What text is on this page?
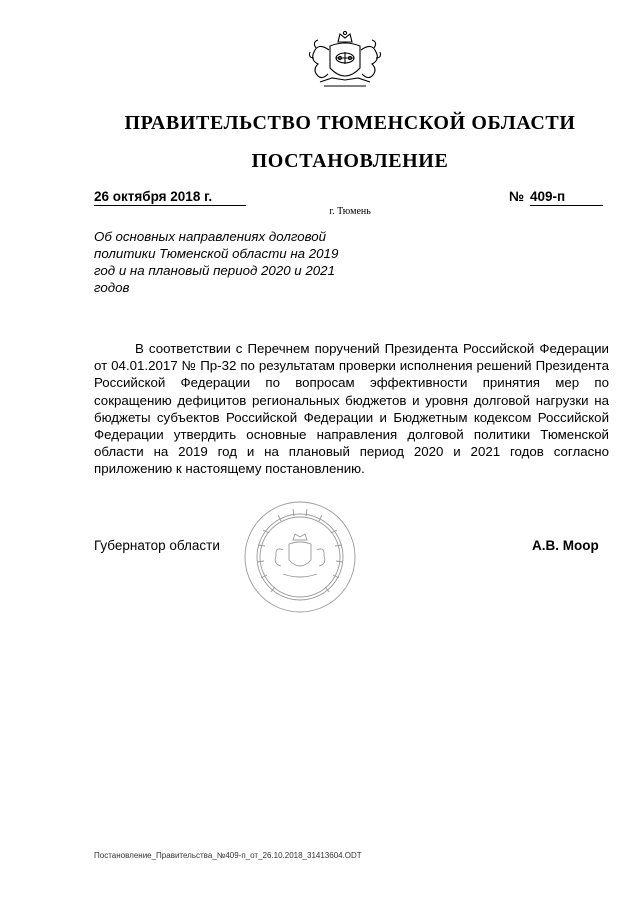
ПРАВИТЕЛЬСТВО ТЮМЕНСКОЙ ОБЛАСТИ
ПОСТАНОВЛЕНИЕ
26 октября 2018 г.	№ 409-п
г. Тюмень
Об основных направлениях долговой политики Тюменской области на 2019 год и на плановый период 2020 и 2021 годов
В соответствии с Перечнем поручений Президента Российской Федерации от 04.01.2017 № Пр-32 по результатам проверки исполнения решений Президента Российской Федерации по вопросам эффективности принятия мер по сокращению дефицитов региональных бюджетов и уровня долговой нагрузки на бюджеты субъектов Российской Федерации и Бюджетным кодексом Российской Федерации утвердить основные направления долговой политики Тюменской области на 2019 год и на плановый период 2020 и 2021 годов согласно приложению к настоящему постановлению.
Губернатор области	А.В. Моор
Постановление_Правительства_№409-п_от_26.10.2018_31413604.ODT
